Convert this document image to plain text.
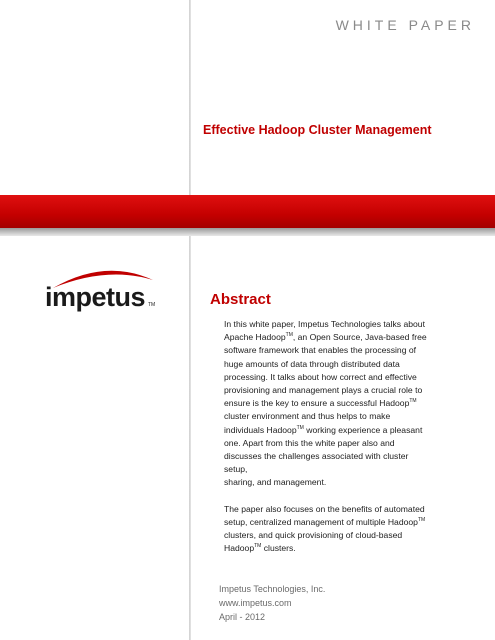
WHITE PAPER
Effective Hadoop Cluster Management
impetus TM	Abstract

In this white paper, Impetus Technologies talks about
Apache Hadoop™, an Open Source, Java-based free
software framework that enables the processing of
huge amounts of data through distributed data
processing. It talks about how correct and effective
provisioning and management plays a crucial role to
ensure is the key to ensure a successful Hadoop™
cluster environment and thus helps to make
individuals Hadoop™ working experience a pleasant
one. Apart from this the white paper also and
discusses the challenges associated with cluster setup,
sharing, and management.

The paper also focuses on the benefits of automated
setup, centralized management of multiple Hadoop™
clusters, and quick provisioning of cloud-based
Hadoop™ clusters.

Impetus Technologies, Inc.
www.impetus.com
April - 2012
